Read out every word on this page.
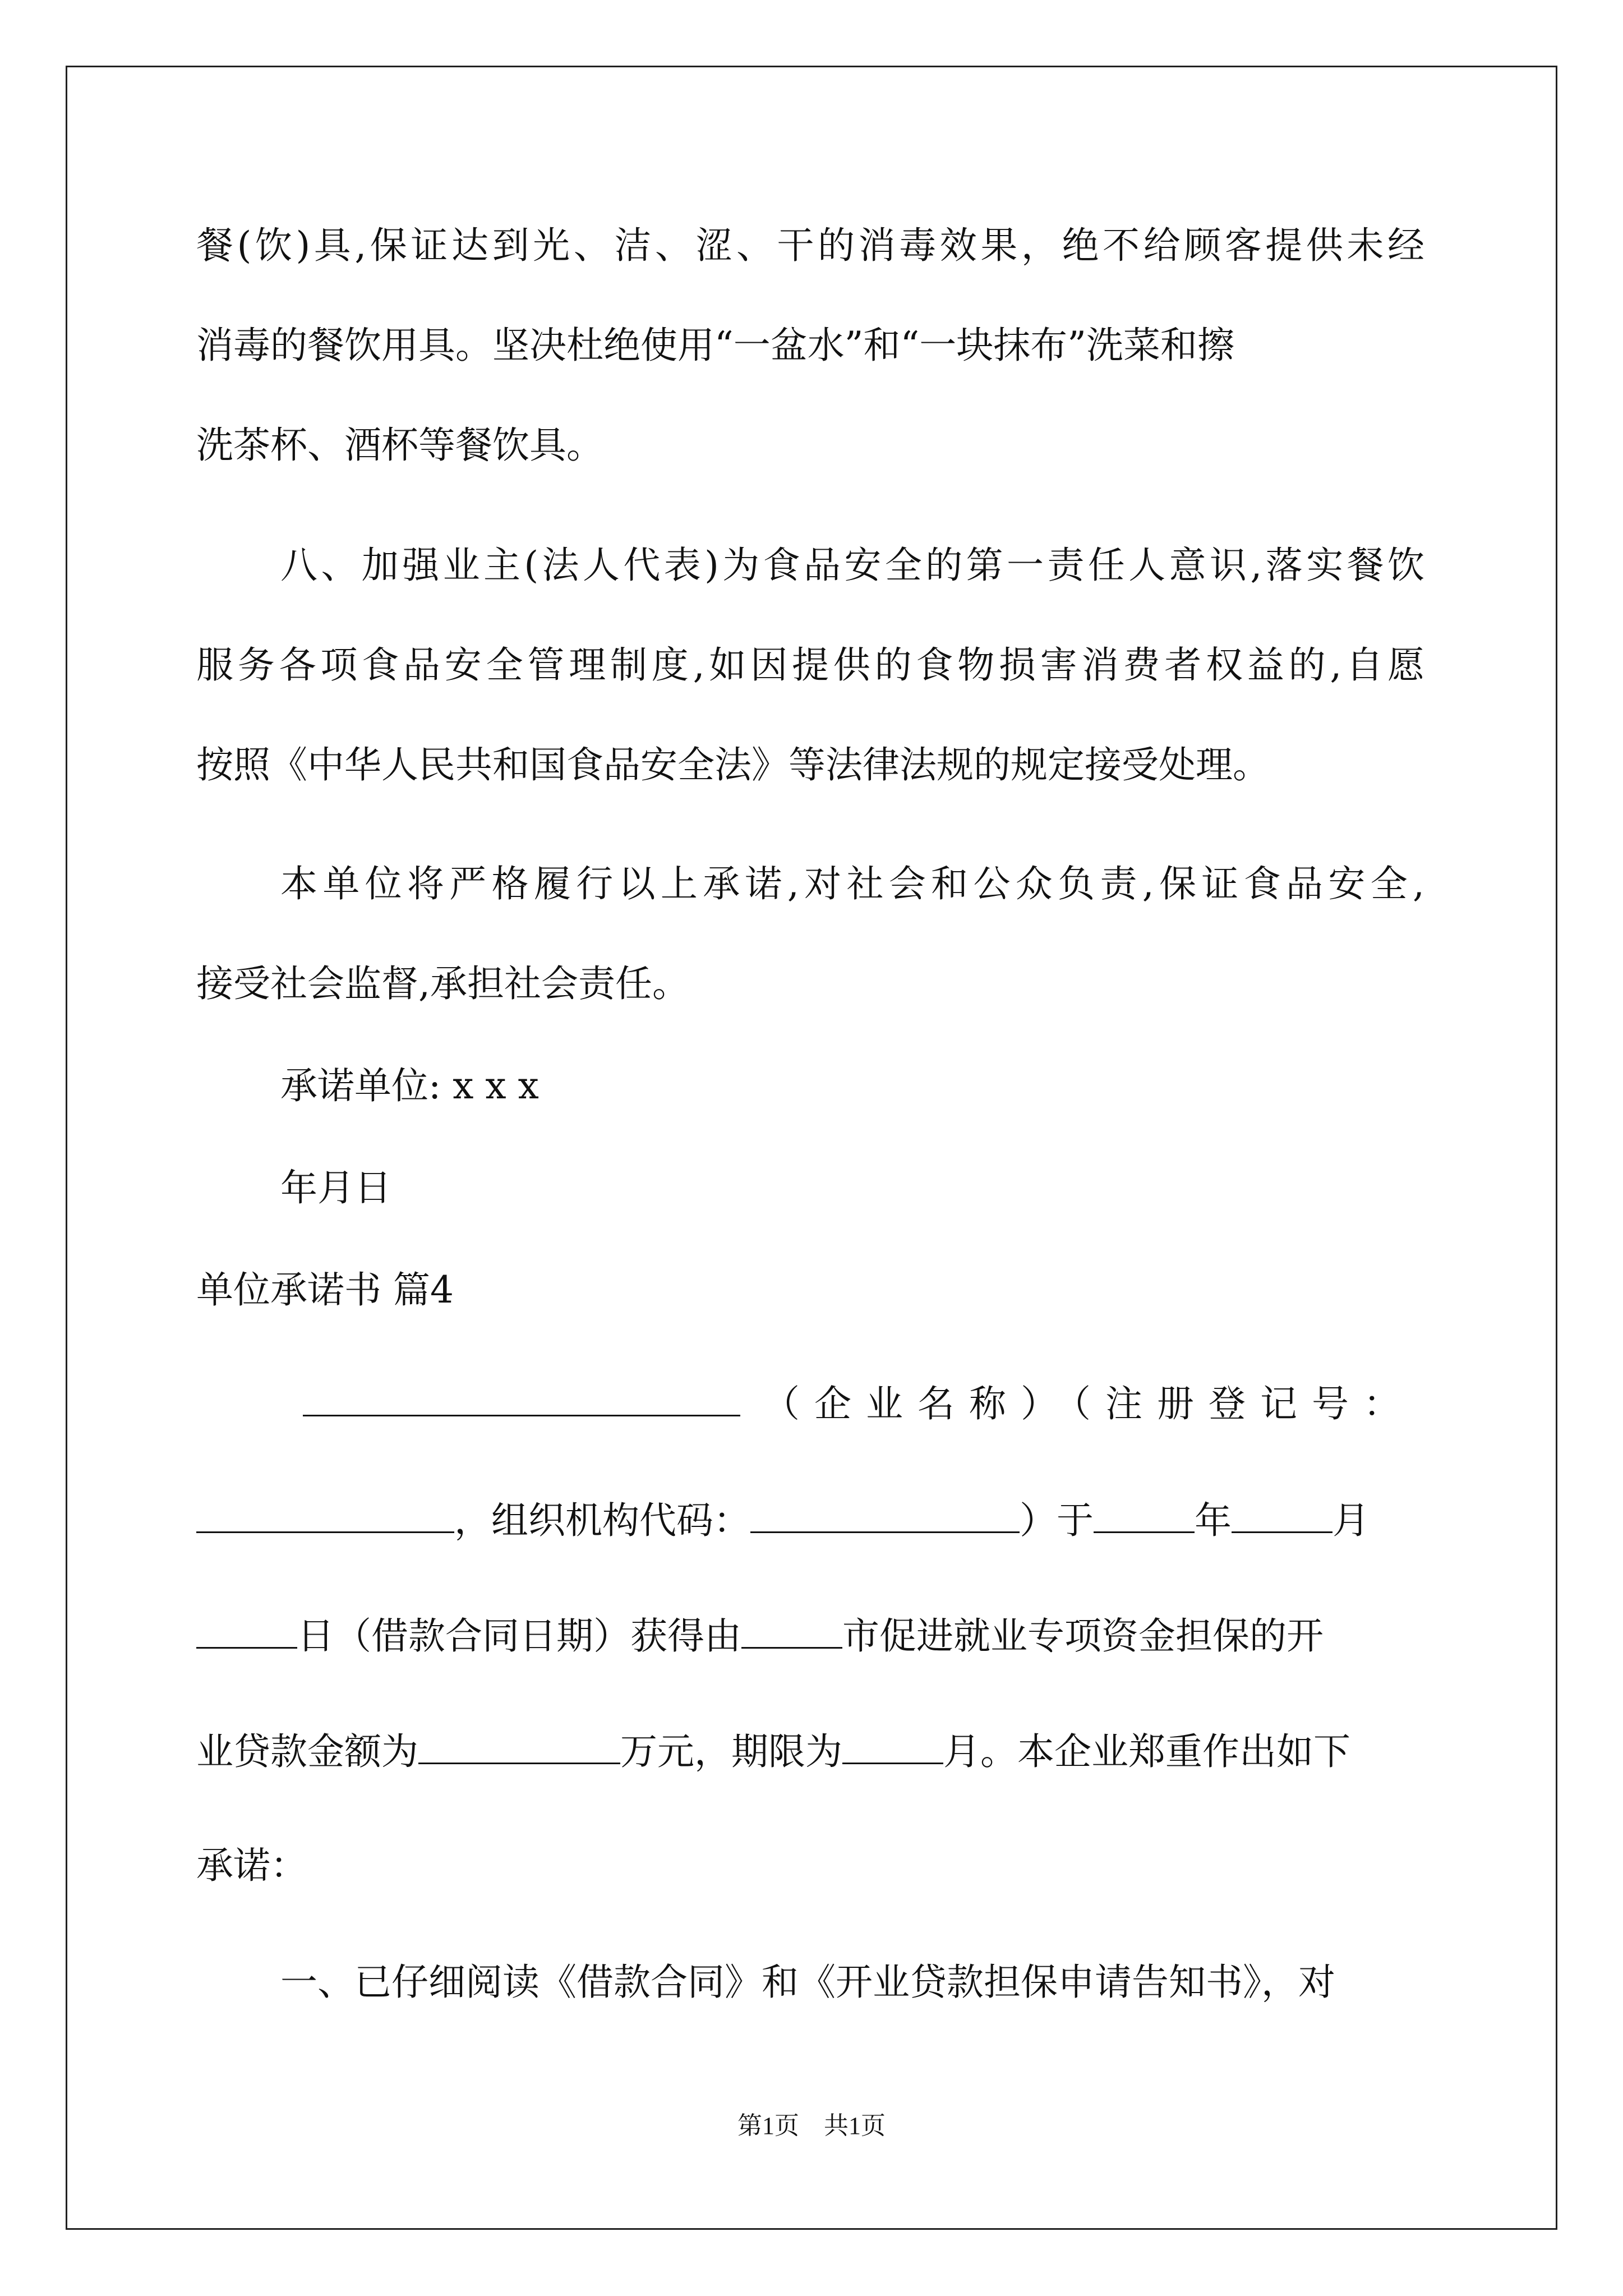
餐(饮)具,保证达到光、洁、涩、干的消毒效果，绝不给顾客提供未经
消毒的餐饮用具。坚决杜绝使用“一盆水”和“一块抹布”洗菜和擦
洗茶杯、酒杯等餐饮具。
八、加强业主(法人代表)为食品安全的第一责任人意识,落实餐饮
服务各项食品安全管理制度,如因提供的食物损害消费者权益的,自愿
按照《中华人民共和国食品安全法》等法律法规的规定接受处理。
本单位将严格履行以上承诺,对社会和公众负责,保证食品安全,
接受社会监督,承担社会责任。
承诺单位: x x x
年月日
单位承诺书 篇4
（企业名称）（注册登记号：
，组织机构代码：	）于	年	月
日（借款合同日期）获得由	市促进就业专项资金担保的开
业贷款金额为	万元，期限为	月。本企业郑重作出如下
承诺：
一、已仔细阅读《借款合同》和《开业贷款担保申请告知书》，对
第1页　共1页
